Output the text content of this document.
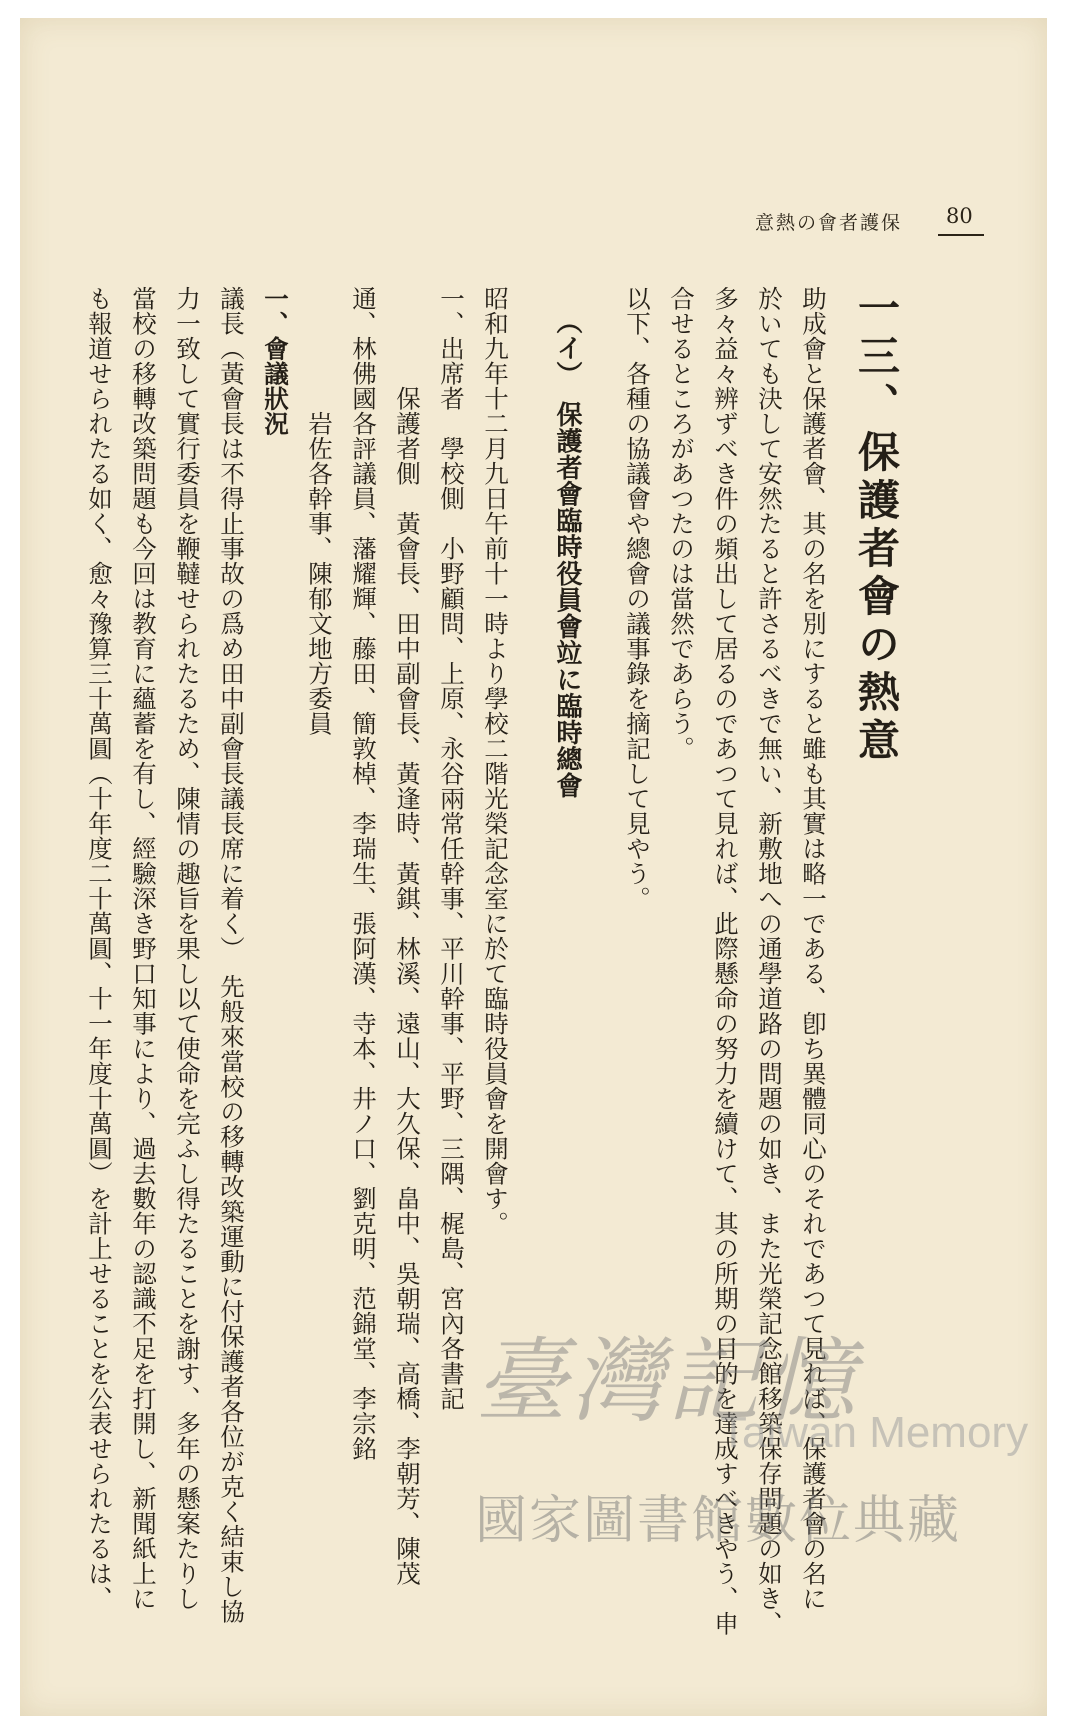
意熱の會者護保 80
一三、保護者會の熱意
助成會と保護者會、其の名を別にすると雖も其實は略一である、卽ち異體同心のそれであつて見れば、保護者會の名に
於いても決して安然たると許さるべきで無い、新敷地への通學道路の問題の如き、また光榮記念館移築保存問題の如き、
多々益々辨ずべき件の頻出して居るのであつて見れば、此際懸命の努力を續けて、其の所期の目的を達成すべきやう、申
合せるところがあつたのは當然であらう。
以下、各種の協議會や總會の議事錄を摘記して見やう。
（イ）　保護者會臨時役員會竝に臨時總會
昭和九年十二月九日午前十一時より學校二階光榮記念室に於て臨時役員會を開會す。
一、出席者　學校側　小野顧問、上原、永谷兩常任幹事、平川幹事、平野、三隅、梶島、宮內各書記
　　　　保護者側　黃會長、田中副會長、黃逢時、黃錤、林溪、遠山、大久保、畠中、吳朝瑞、高橋、李朝芳、陳茂
通、林佛國各評議員、藩耀輝、藤田、簡敦棹、李瑞生、張阿漢、寺本、井ノ口、劉克明、范錦堂、李宗銘
　　　　　岩佐各幹事、陳郁文地方委員
一、會議狀況
議長（黃會長は不得止事故の爲め田中副會長議長席に着く）　先般來當校の移轉改築運動に付保護者各位が克く結束し協
力一致して實行委員を鞭韃せられたるため、陳情の趣旨を果し以て使命を完ふし得たることを謝す、多年の懸案たりし
當校の移轉改築問題も今回は教育に蘊蓄を有し、經驗深き野口知事により、過去數年の認識不足を打開し、新聞紙上に
も報道せられたる如く、愈々豫算三十萬圓（十年度二十萬圓、十一年度十萬圓）を計上せることを公表せられたるは、	臺灣記憶
Taiwan Memory
國家圖書館數位典藏
